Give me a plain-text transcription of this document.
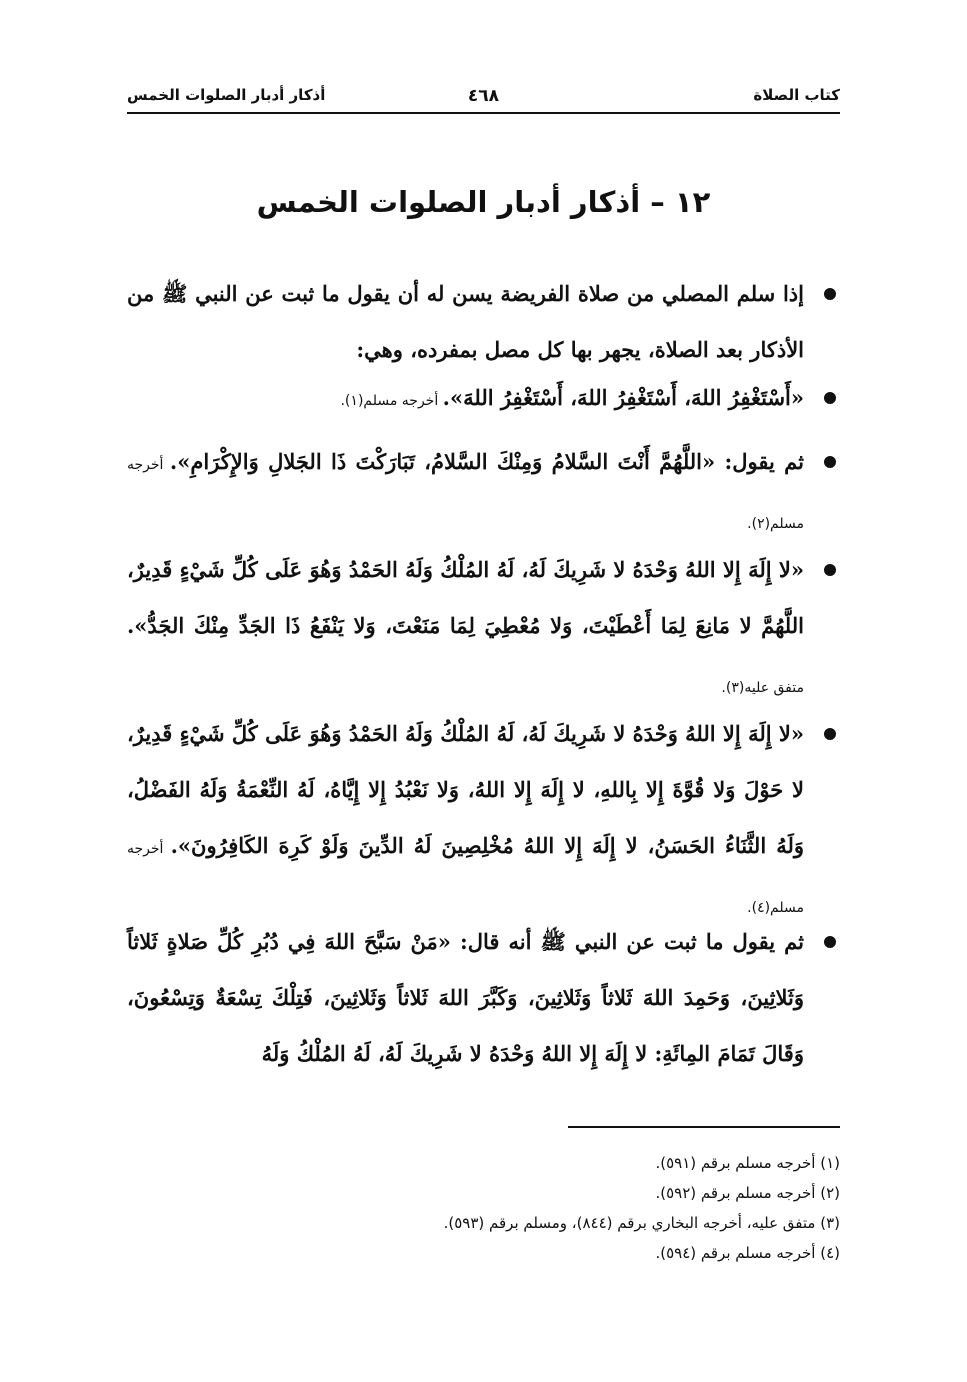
كتاب الصلاة
٤٦٨
أذكار أدبار الصلوات الخمس
١٢ – أذكار أدبار الصلوات الخمس

إذا سلم المصلي من صلاة الفريضة يسن له أن يقول ما ثبت عن النبي ﷺ من الأذكار بعد الصلاة، يجهر بها كل مصل بمفرده، وهي:

«أَسْتَغْفِرُ اللهَ، أَسْتَغْفِرُ اللهَ، أَسْتَغْفِرُ اللهَ». أخرجه مسلم(١).

ثم يقول: «اللَّهُمَّ أَنْتَ السَّلامُ وَمِنْكَ السَّلامُ، تَبَارَكْتَ ذَا الجَلالِ وَالإِكْرَامِ». أخرجه مسلم(٢).

«لا إِلَهَ إِلا اللهُ وَحْدَهُ لا شَرِيكَ لَهُ، لَهُ المُلْكُ وَلَهُ الحَمْدُ وَهُوَ عَلَى كُلِّ شَيْءٍ قَدِيرٌ، اللَّهُمَّ لا مَانِعَ لِمَا أَعْطَيْتَ، وَلا مُعْطِيَ لِمَا مَنَعْتَ، وَلا يَنْفَعُ ذَا الجَدِّ مِنْكَ الجَدُّ». متفق عليه(٣).

«لا إِلَهَ إِلا اللهُ وَحْدَهُ لا شَرِيكَ لَهُ، لَهُ المُلْكُ وَلَهُ الحَمْدُ وَهُوَ عَلَى كُلِّ شَيْءٍ قَدِيرٌ، لا حَوْلَ وَلا قُوَّةَ إِلا بِاللهِ، لا إِلَهَ إِلا اللهُ، وَلا نَعْبُدُ إِلا إِيَّاهُ، لَهُ النِّعْمَةُ وَلَهُ الفَضْلُ، وَلَهُ الثَّنَاءُ الحَسَنُ، لا إِلَهَ إِلا اللهُ مُخْلِصِينَ لَهُ الدِّينَ وَلَوْ كَرِهَ الكَافِرُونَ». أخرجه مسلم(٤).

ثم يقول ما ثبت عن النبي ﷺ أنه قال: «مَنْ سَبَّحَ اللهَ فِي دُبُرِ كُلِّ صَلاةٍ ثَلاثاً وَثَلاثِينَ، وَحَمِدَ اللهَ ثَلاثاً وَثَلاثِينَ، وَكَبَّرَ اللهَ ثَلاثاً وَثَلاثِينَ، فَتِلْكَ تِسْعَةٌ وَتِسْعُونَ، وَقَالَ تَمَامَ المِائَةِ: لا إِلَهَ إِلا اللهُ وَحْدَهُ لا شَرِيكَ لَهُ، لَهُ المُلْكُ وَلَهُ

(١) أخرجه مسلم برقم (٥٩١).
(٢) أخرجه مسلم برقم (٥٩٢).
(٣) متفق عليه، أخرجه البخاري برقم (٨٤٤)، ومسلم برقم (٥٩٣).
(٤) أخرجه مسلم برقم (٥٩٤).
